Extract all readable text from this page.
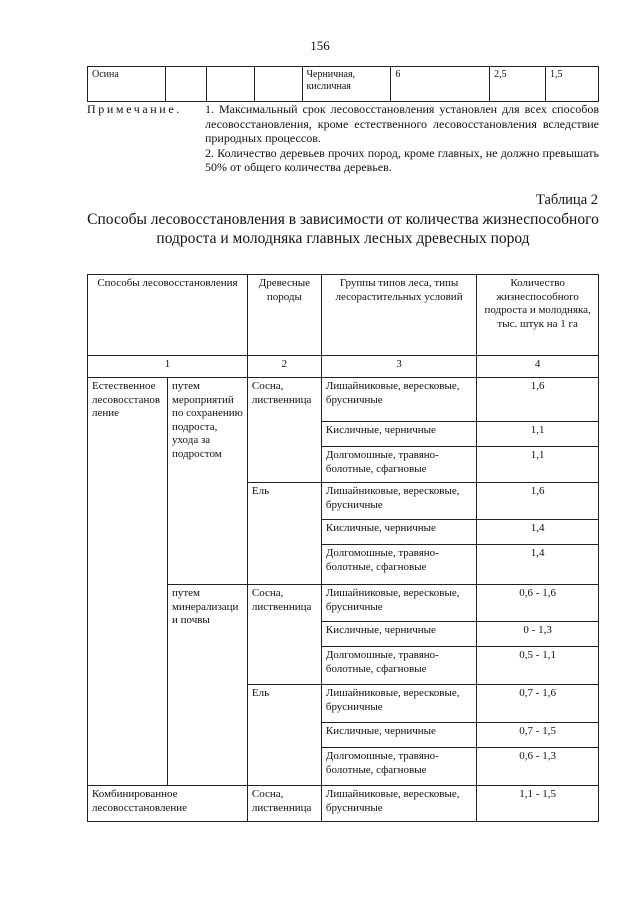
156
Осина				Черничная, кисличная	6	2,5	1,5
Примечание. 1. Максимальный срок лесовосстановления установлен для всех способов лесовосстановления, кроме естественного лесовосстановления вследствие природных процессов.
2. Количество деревьев прочих пород, кроме главных, не должно превышать 50% от общего количества деревьев.
Таблица 2
Способы лесовосстановления в зависимости от количества жизнеспособного подроста и молодняка главных лесных древесных пород
Способы лесовосстановления		Древесные породы	Группы типов леса, типы лесорастительных условий	Количество жизнеспособного подроста и молодняка, тыс. штук на 1 га
1		2	3	4
Естественное лесовосстанов ление	путем мероприятий по сохранению подроста, ухода за подростом	Сосна, лиственница	Лишайниковые, вересковые, брусничные	1,6
			Кисличные, черничные	1,1
			Долгомошные, травяно-болотные, сфагновые	1,1
		Ель	Лишайниковые, вересковые, брусничные	1,6
			Кисличные, черничные	1,4
			Долгомошные, травяно-болотные, сфагновые	1,4
	путем минерализаци и почвы	Сосна, лиственница	Лишайниковые, вересковые, брусничные	0,6 - 1,6
			Кисличные, черничные	0 - 1,3
			Долгомошные, травяно-болотные, сфагновые	0,5 - 1,1
		Ель	Лишайниковые, вересковые, брусничные	0,7 - 1,6
			Кисличные, черничные	0,7 - 1,5
			Долгомошные, травяно-болотные, сфагновые	0,6 - 1,3
Комбинированное лесовосстановление		Сосна, лиственница	Лишайниковые, вересковые, брусничные	1,1 - 1,5
